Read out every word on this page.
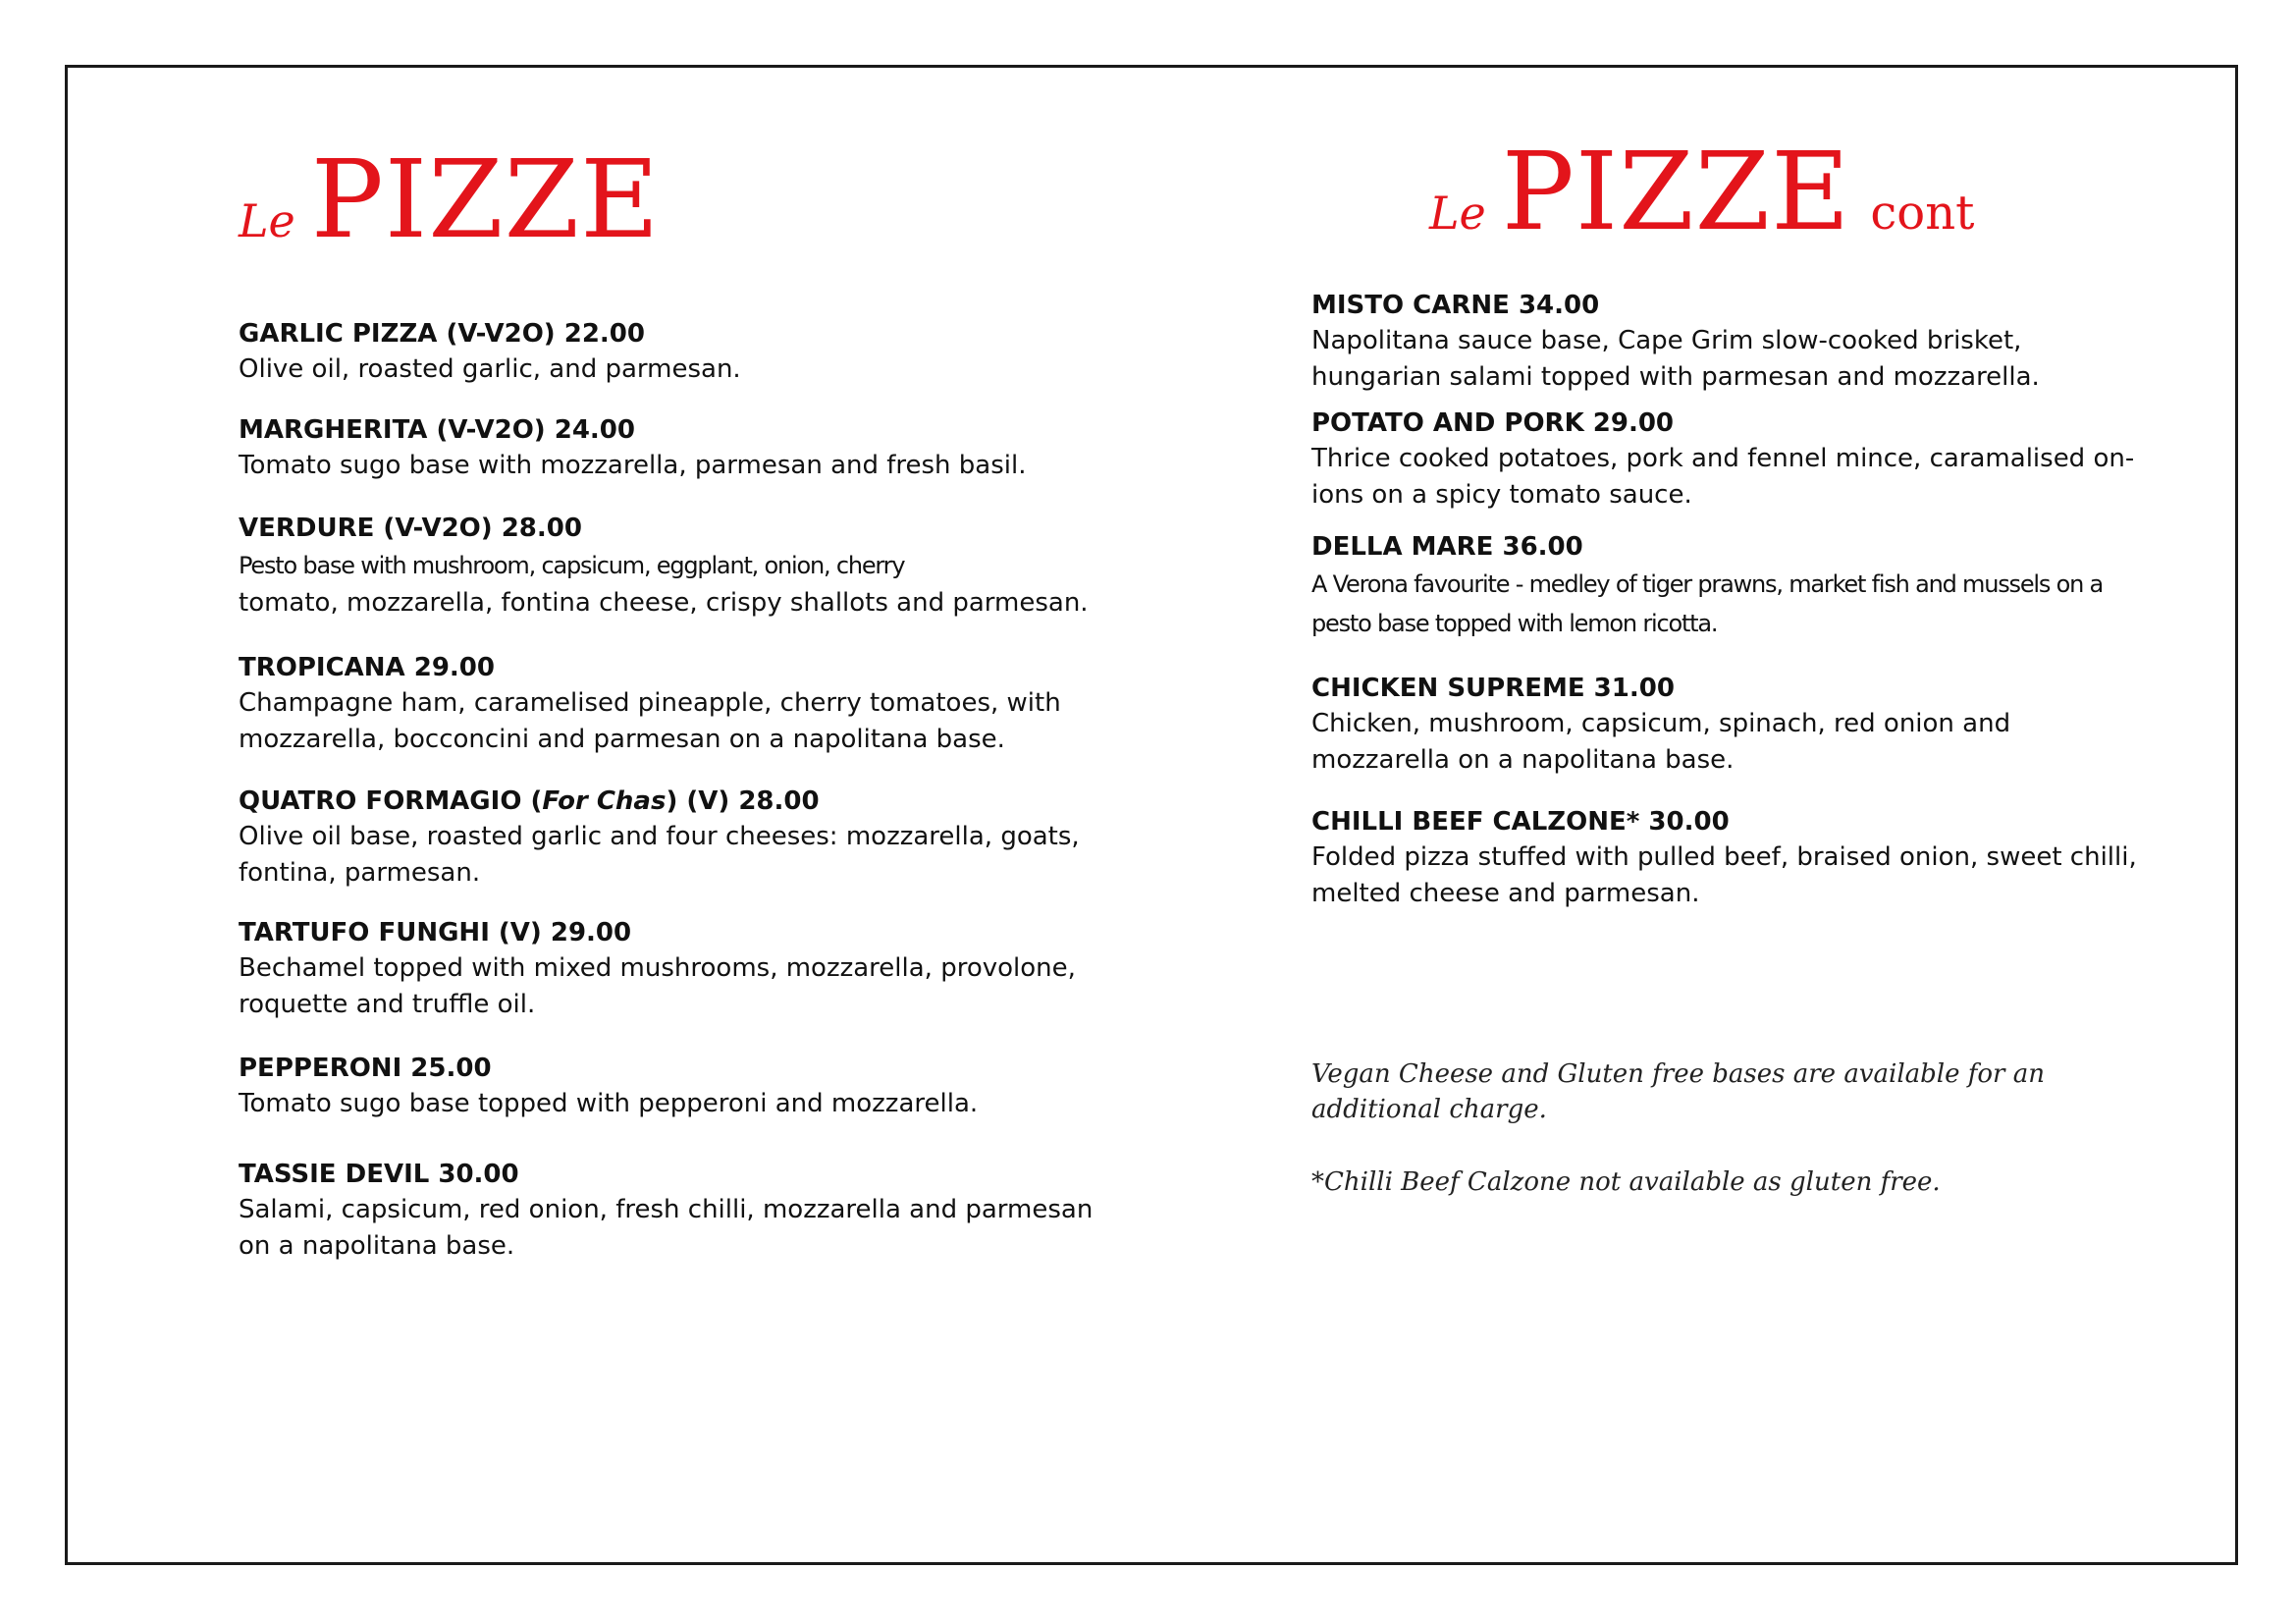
Le PIZZE	Le PIZZE cont
GARLIC PIZZA (V-V2O) 22.00
Olive oil, roasted garlic, and parmesan.
MARGHERITA (V-V2O) 24.00
Tomato sugo base with mozzarella, parmesan and fresh basil.
VERDURE (V-V2O) 28.00
Pesto base with mushroom, capsicum, eggplant, onion, cherry
tomato, mozzarella, fontina cheese, crispy shallots and parmesan.
TROPICANA 29.00
Champagne ham, caramelised pineapple, cherry tomatoes, with mozzarella, bocconcini and parmesan on a napolitana base.
QUATRO FORMAGIO (For Chas) (V) 28.00
Olive oil base, roasted garlic and four cheeses: mozzarella, goats, fontina, parmesan.
TARTUFO FUNGHI (V) 29.00
Bechamel topped with mixed mushrooms, mozzarella, provolone, roquette and truffle oil.
PEPPERONI 25.00
Tomato sugo base topped with pepperoni and mozzarella.
TASSIE DEVIL 30.00
Salami, capsicum, red onion, fresh chilli, mozzarella and parmesan on a napolitana base.
MISTO CARNE 34.00
Napolitana sauce base, Cape Grim slow-cooked brisket, hungarian salami topped with parmesan and mozzarella.
POTATO AND PORK 29.00
Thrice cooked potatoes, pork and fennel mince, caramalised on-ions on a spicy tomato sauce.
DELLA MARE 36.00
A Verona favourite - medley of tiger prawns, market fish and mussels on a
pesto base topped with lemon ricotta.
CHICKEN SUPREME 31.00
Chicken, mushroom, capsicum, spinach, red onion and mozzarella on a napolitana base.
CHILLI BEEF CALZONE* 30.00
Folded pizza stuffed with pulled beef, braised onion, sweet chilli, melted cheese and parmesan.
Vegan Cheese and Gluten free bases are available for an additional charge.
*Chilli Beef Calzone not available as gluten free.
